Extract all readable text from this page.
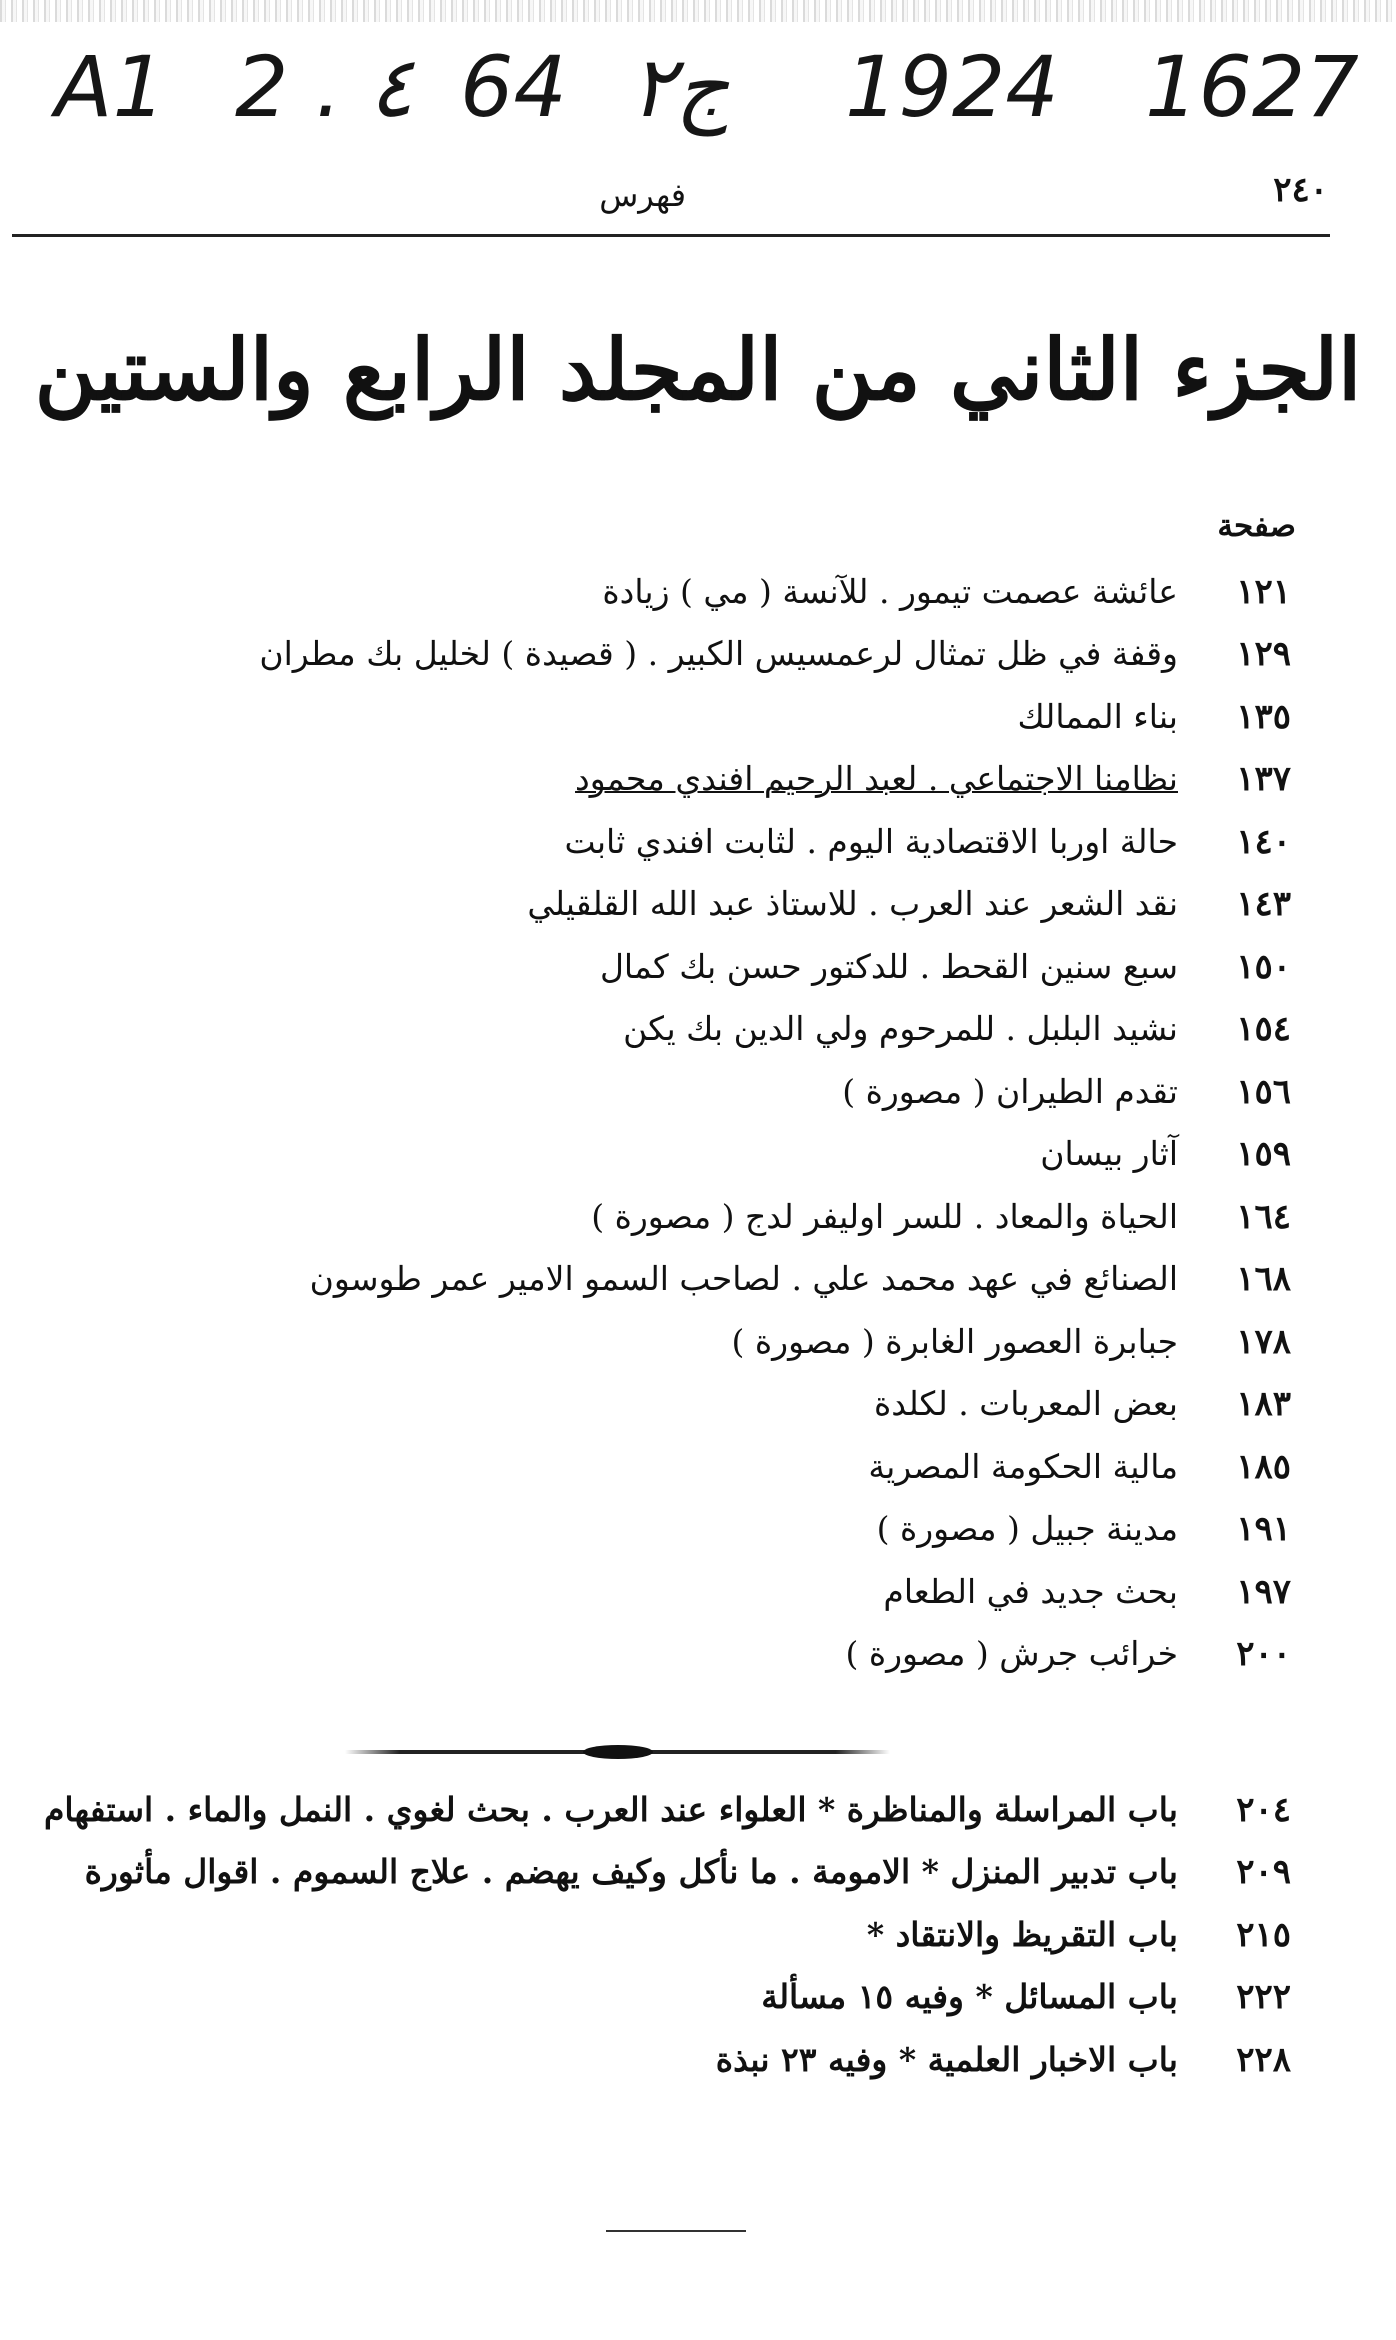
A1 2 . ٤ 64 ج٢ 1924 1627
٢٤٠
فهرس
الجزء الثاني من المجلد الرابع والستين
صفحة
١٢١
عائشة عصمت تيمور . للآنسة ( مي ) زيادة
١٢٩
وقفة في ظل تمثال لرعمسيس الكبير . ( قصيدة ) لخليل بك مطران
١٣٥
بناء الممالك
١٣٧
نظامنا الاجتماعي . لعبد الرحيم افندي محمود
١٤٠
حالة اوربا الاقتصادية اليوم . لثابت افندي ثابت
١٤٣
نقد الشعر عند العرب . للاستاذ عبد الله القلقيلي
١٥٠
سبع سنين القحط . للدكتور حسن بك كمال
١٥٤
نشيد البلبل . للمرحوم ولي الدين بك يكن
١٥٦
تقدم الطيران ( مصورة )
١٥٩
آثار بيسان
١٦٤
الحياة والمعاد . للسر اوليفر لدج ( مصورة )
١٦٨
الصنائع في عهد محمد علي . لصاحب السمو الامير عمر طوسون
١٧٨
جبابرة العصور الغابرة ( مصورة )
١٨٣
بعض المعربات . لكلدة
١٨٥
مالية الحكومة المصرية
١٩١
مدينة جبيل ( مصورة )
١٩٧
بحث جديد في الطعام
٢٠٠
خرائب جرش ( مصورة )
٢٠٤
باب المراسلة والمناظرة * العلواء عند العرب . بحث لغوي . النمل والماء . استفهام
٢٠٩
باب تدبير المنزل * الامومة . ما نأكل وكيف يهضم . علاج السموم . اقوال مأثورة
٢١٥
باب التقريظ والانتقاد *
٢٢٢
باب المسائل * وفيه ١٥ مسألة
٢٢٨
باب الاخبار العلمية * وفيه ٢٣ نبذة
